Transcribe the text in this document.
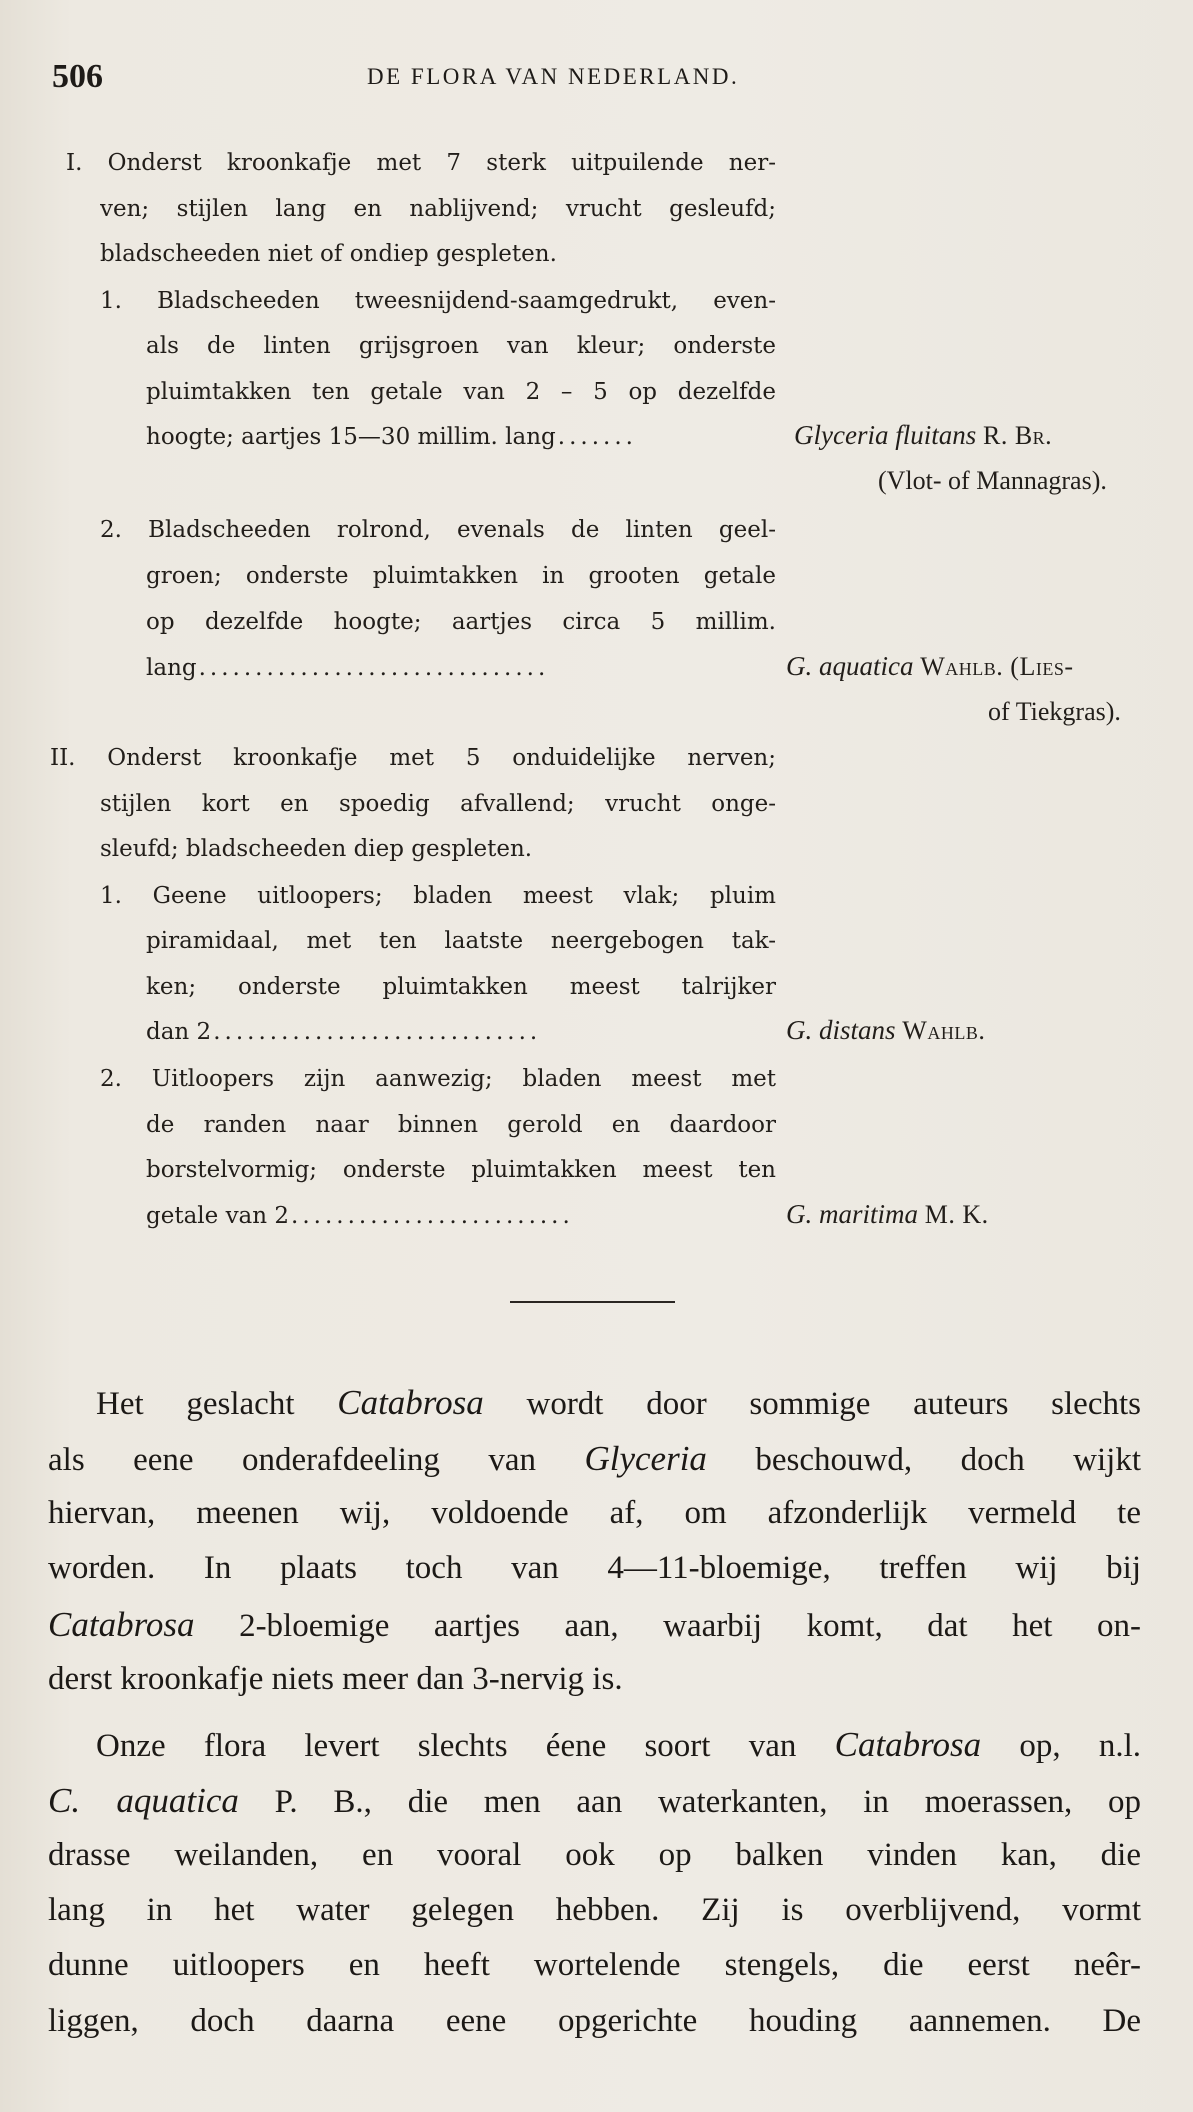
506	DE FLORA VAN NEDERLAND.
I. Onderst kroonkafje met 7 sterk uitpuilende ner-
ven; stijlen lang en nablijvend; vrucht gesleufd;
bladscheeden niet of ondiep gespleten.
1. Bladscheeden tweesnijdend-saamgedrukt, even-
als de linten grijsgroen van kleur; onderste
pluimtakken ten getale van 2 – 5 op dezelfde
hoogte; aartjes 15—30 millim. lang .......	Glyceria fluitans R. Br.
(Vlot- of Mannagras).
2. Bladscheeden rolrond, evenals de linten geel-
groen; onderste pluimtakken in grooten getale
op dezelfde hoogte; aartjes circa 5 millim.
lang ...............................	G. aquatica Wahlb. (Lies-
of Tiekgras).
II. Onderst kroonkafje met 5 onduidelijke nerven;
stijlen kort en spoedig afvallend; vrucht onge-
sleufd; bladscheeden diep gespleten.
1. Geene uitloopers; bladen meest vlak; pluim
piramidaal, met ten laatste neergebogen tak-
ken; onderste pluimtakken meest talrijker
dan 2 .............................	G. distans Wahlb.
2. Uitloopers zijn aanwezig; bladen meest met
de randen naar binnen gerold en daardoor
borstelvormig; onderste pluimtakken meest ten
getale van 2 .........................	G. maritima M. K.
Het geslacht Catabrosa wordt door sommige auteurs slechts
als eene onderafdeeling van Glyceria beschouwd, doch wijkt
hiervan, meenen wij, voldoende af, om afzonderlijk vermeld te
worden. In plaats toch van 4—11-bloemige, treffen wij bij
Catabrosa 2-bloemige aartjes aan, waarbij komt, dat het on-
derst kroonkafje niets meer dan 3-nervig is.
Onze flora levert slechts éene soort van Catabrosa op, n.l.
C. aquatica P. B., die men aan waterkanten, in moerassen, op
drasse weilanden, en vooral ook op balken vinden kan, die
lang in het water gelegen hebben. Zij is overblijvend, vormt
dunne uitloopers en heeft wortelende stengels, die eerst neêr-
liggen, doch daarna eene opgerichte houding aannemen. De
